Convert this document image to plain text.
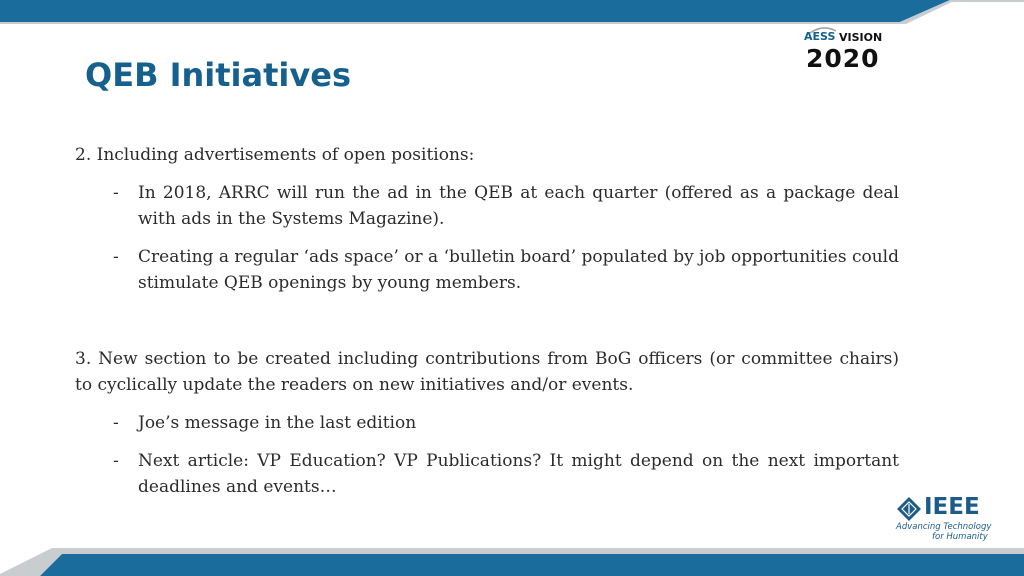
QEB Initiatives
AESS VISION
2020
2. Including advertisements of open positions:
- In 2018, ARRC will run the ad in the QEB at each quarter (offered as a package deal with ads in the Systems Magazine).
- Creating a regular ‘ads space’ or a ‘bulletin board’ populated by job opportunities could stimulate QEB openings by young members.
3. New section to be created including contributions from BoG officers (or committee chairs) to cyclically update the readers on new initiatives and/or events.
- Joe’s message in the last edition
- Next article: VP Education? VP Publications? It might depend on the next important deadlines and events…
IEEE
Advancing Technology
for Humanity
